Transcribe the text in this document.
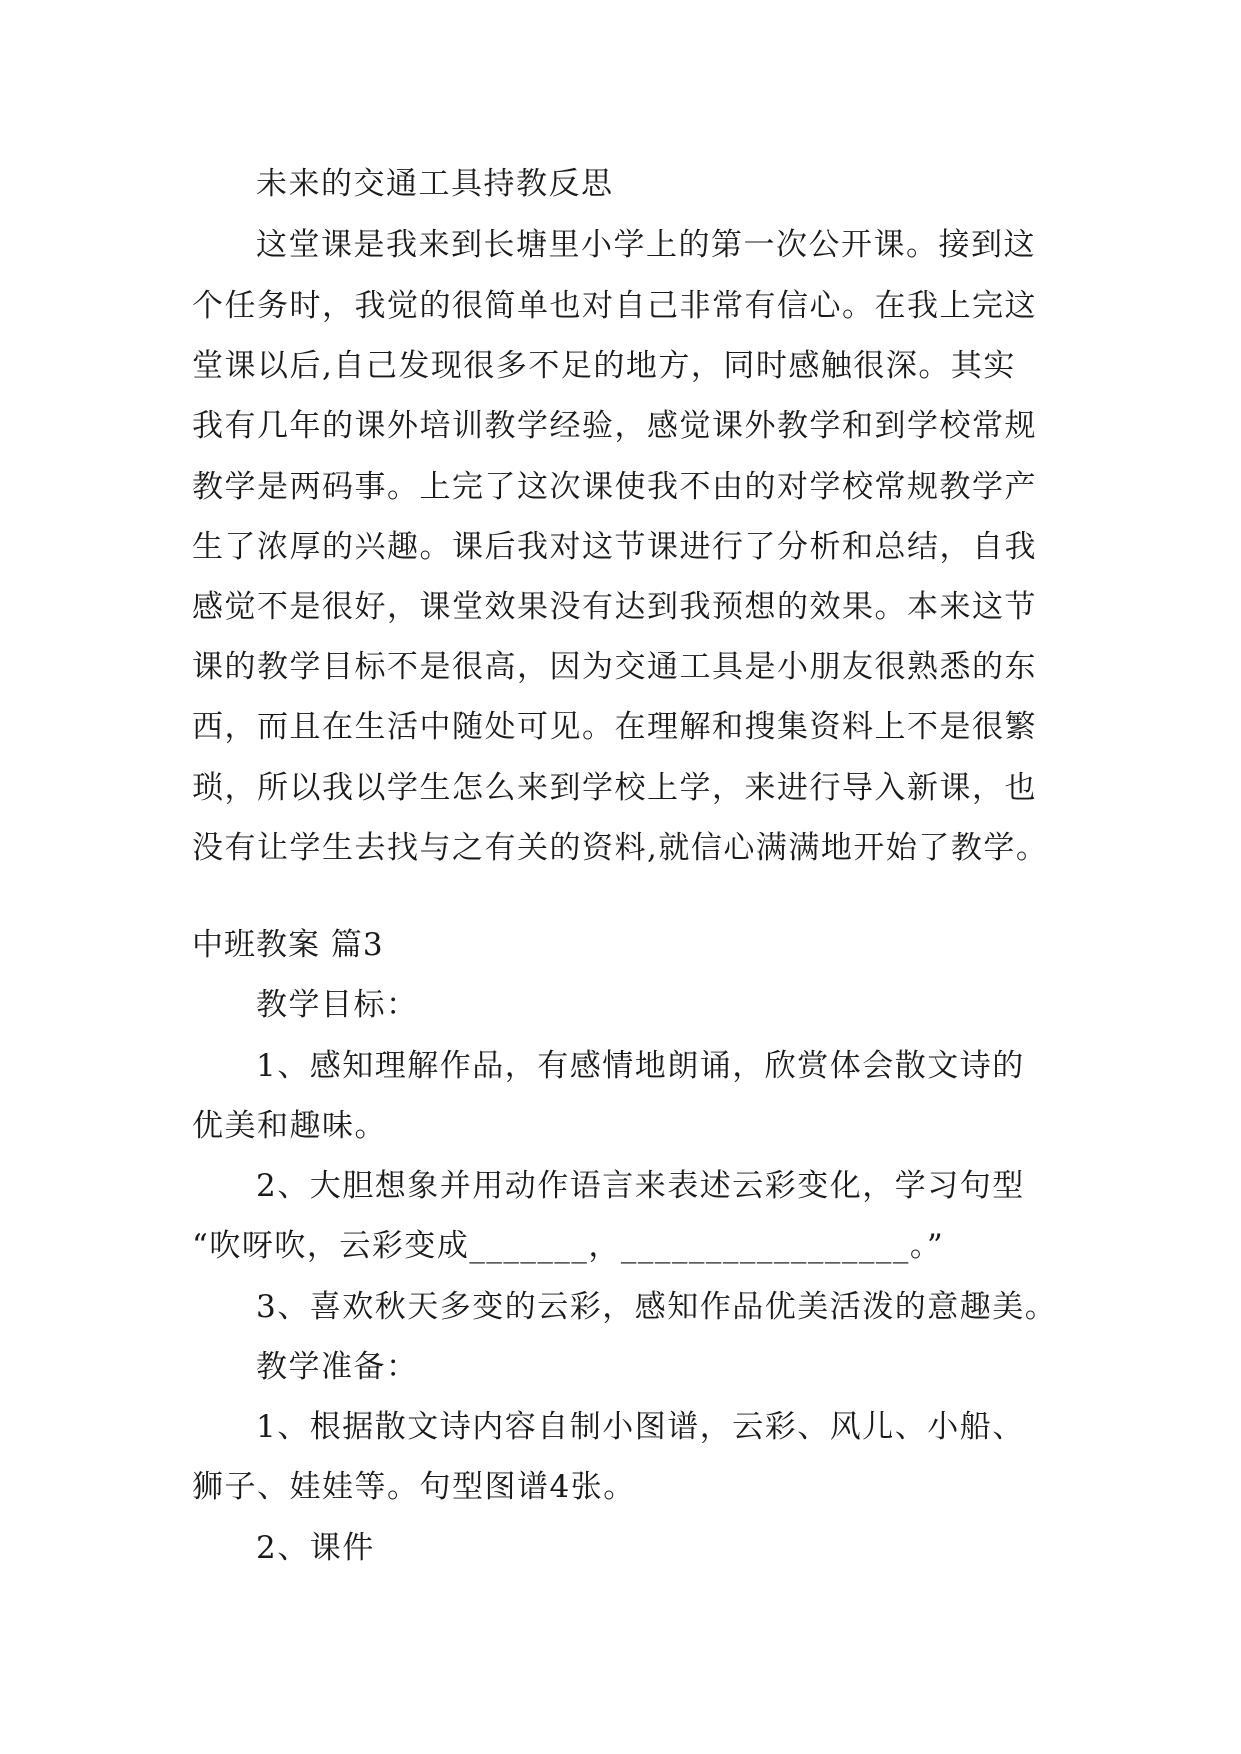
未来的交通工具持教反思
这堂课是我来到长塘里小学上的第一次公开课。接到这
个任务时，我觉的很简单也对自己非常有信心。在我上完这
堂课以后,自己发现很多不足的地方，同时感触很深。其实
我有几年的课外培训教学经验，感觉课外教学和到学校常规
教学是两码事。上完了这次课使我不由的对学校常规教学产
生了浓厚的兴趣。课后我对这节课进行了分析和总结，自我
感觉不是很好，课堂效果没有达到我预想的效果。本来这节
课的教学目标不是很高，因为交通工具是小朋友很熟悉的东
西，而且在生活中随处可见。在理解和搜集资料上不是很繁
琐，所以我以学生怎么来到学校上学，来进行导入新课，也
没有让学生去找与之有关的资料,就信心满满地开始了教学。
中班教案 篇3
教学目标：
1、感知理解作品，有感情地朗诵，欣赏体会散文诗的
优美和趣味。
2、大胆想象并用动作语言来表述云彩变化，学习句型
“吹呀吹，云彩变成_______，_________________。”
3、喜欢秋天多变的云彩，感知作品优美活泼的意趣美。
教学准备：
1、根据散文诗内容自制小图谱，云彩、风儿、小船、
狮子、娃娃等。句型图谱4张。
2、课件
